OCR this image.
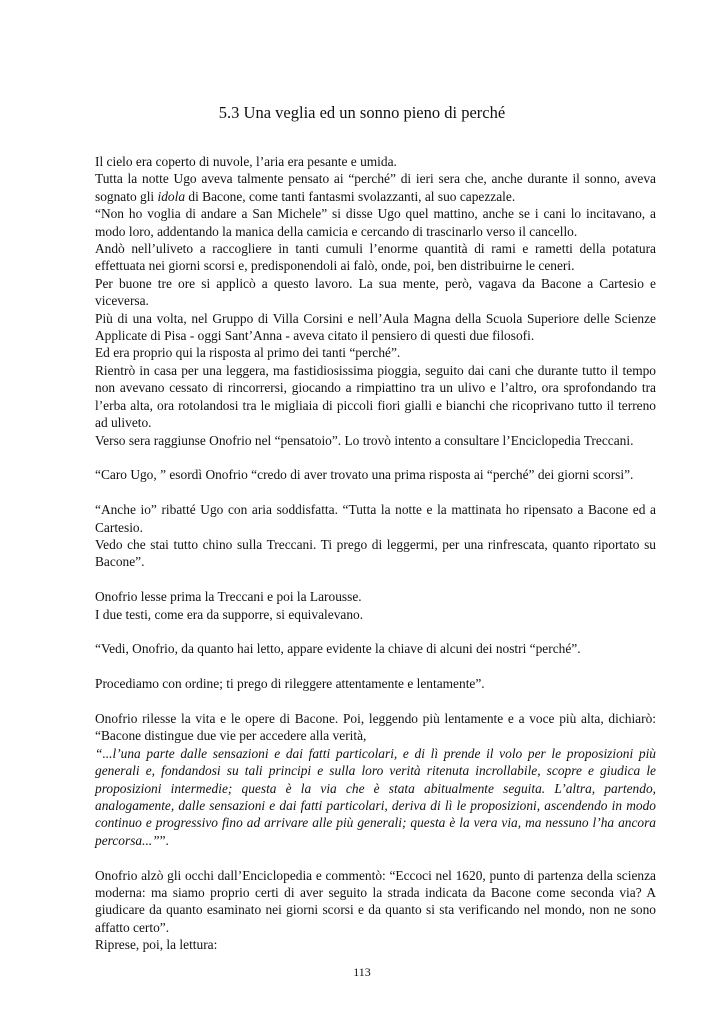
5.3 Una veglia ed un sonno pieno di perché

Il cielo era coperto di nuvole, l’aria era pesante e umida.

Tutta la notte Ugo aveva talmente pensato ai “perché” di ieri sera che, anche durante il sonno, aveva sognato gli idola di Bacone, come tanti fantasmi svolazzanti, al suo capezzale.

“Non ho voglia di andare a San Michele” si disse Ugo quel mattino, anche se i cani lo incitavano, a modo loro, addentando la manica della camicia e cercando di trascinarlo verso il cancello.

Andò nell’uliveto a raccogliere in tanti cumuli l’enorme quantità di rami e rametti della potatura effettuata nei giorni scorsi e, predisponendoli ai falò, onde, poi, ben distribuirne le ceneri.

Per buone tre ore si applicò a questo lavoro. La sua mente, però, vagava da Bacone a Cartesio e viceversa.

Più di una volta, nel Gruppo di Villa Corsini e nell’Aula Magna della Scuola Superiore delle Scienze Applicate di Pisa - oggi Sant’Anna - aveva citato il pensiero di questi due filosofi.

Ed era proprio qui la risposta al primo dei tanti “perché”.

Rientrò in casa per una leggera, ma fastidiosissima pioggia, seguito dai cani che durante tutto il tempo non avevano cessato di rincorrersi, giocando a rimpiattino tra un ulivo e l’altro, ora sprofondando tra l’erba alta, ora rotolandosi tra le migliaia di piccoli fiori gialli e bianchi che ricoprivano tutto il terreno ad uliveto.

Verso sera raggiunse Onofrio nel “pensatoio”. Lo trovò intento a consultare l’Enciclopedia Treccani.

“Caro Ugo, ” esordì Onofrio “credo di aver trovato una prima risposta ai “perché” dei giorni scorsi”.

“Anche io” ribatté Ugo con aria soddisfatta. “Tutta la notte e la mattinata ho ripensato a Bacone ed a Cartesio.

Vedo che stai tutto chino sulla Treccani. Ti prego di leggermi, per una rinfrescata, quanto riportato su Bacone”.

Onofrio lesse prima la Treccani e poi la Larousse.

I due testi, come era da supporre, si equivalevano.

“Vedi, Onofrio, da quanto hai letto, appare evidente la chiave di alcuni dei nostri “perché”.

Procediamo con ordine; ti prego di rileggere attentamente e lentamente”.

Onofrio rilesse la vita e le opere di Bacone. Poi, leggendo più lentamente e a voce più alta, dichiarò: “Bacone distingue due vie per accedere alla verità,

“...l’una parte dalle sensazioni e dai fatti particolari, e di lì prende il volo per le proposizioni più generali e, fondandosi su tali principi e sulla loro verità ritenuta incrollabile, scopre e giudica le proposizioni intermedie; questa è la via che è stata abitualmente seguita. L’altra, partendo, analogamente, dalle sensazioni e dai fatti particolari, deriva di lì le proposizioni, ascendendo in modo continuo e progressivo fino ad arrivare alle più generali; questa è la vera via, ma nessuno l’ha ancora percorsa...””.

Onofrio alzò gli occhi dall’Enciclopedia e commentò: “Eccoci nel 1620, punto di partenza della scienza moderna: ma siamo proprio certi di aver seguito la strada indicata da Bacone come seconda via? A giudicare da quanto esaminato nei giorni scorsi e da quanto si sta verificando nel mondo, non ne sono affatto certo”.

Riprese, poi, la lettura:

113
